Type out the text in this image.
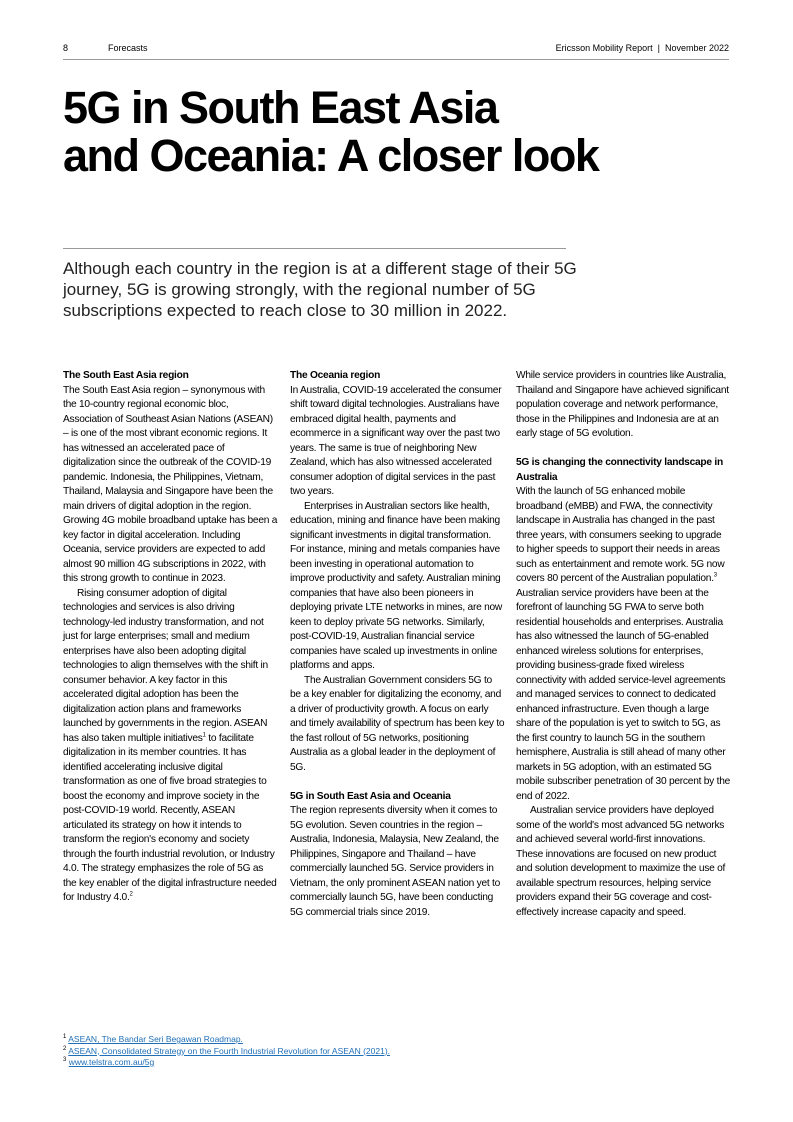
8	Forecasts	Ericsson Mobility Report  |  November 2022
5G in South East Asia
and Oceania: A closer look

Although each country in the region is at a different stage of their 5G journey, 5G is growing strongly, with the regional number of 5G subscriptions expected to reach close to 30 million in 2022.

The South East Asia region

The South East Asia region – synonymous with the 10-country regional economic bloc, Association of Southeast Asian Nations (ASEAN) – is one of the most vibrant economic regions. It has witnessed an accelerated pace of digitalization since the outbreak of the COVID-19 pandemic. Indonesia, the Philippines, Vietnam, Thailand, Malaysia and Singapore have been the main drivers of digital adoption in the region. Growing 4G mobile broadband uptake has been a key factor in digital acceleration. Including Oceania, service providers are expected to add almost 90 million 4G subscriptions in 2022, with this strong growth to continue in 2023.

Rising consumer adoption of digital technologies and services is also driving technology-led industry transformation, and not just for large enterprises; small and medium enterprises have also been adopting digital technologies to align themselves with the shift in consumer behavior. A key factor in this accelerated digital adoption has been the digitalization action plans and frameworks launched by governments in the region. ASEAN has also taken multiple initiatives$^1$ to facilitate digitalization in its member countries. It has identified accelerating inclusive digital transformation as one of five broad strategies to boost the economy and improve society in the post-COVID-19 world. Recently, ASEAN articulated its strategy on how it intends to transform the region's economy and society through the fourth industrial revolution, or Industry 4.0. The strategy emphasizes the role of 5G as the key enabler of the digital infrastructure needed for Industry 4.0.$^2$

The Oceania region

In Australia, COVID-19 accelerated the consumer shift toward digital technologies. Australians have embraced digital health, payments and ecommerce in a significant way over the past two years. The same is true of neighboring New Zealand, which has also witnessed accelerated consumer adoption of digital services in the past two years.

Enterprises in Australian sectors like health, education, mining and finance have been making significant investments in digital transformation. For instance, mining and metals companies have been investing in operational automation to improve productivity and safety. Australian mining companies that have also been pioneers in deploying private LTE networks in mines, are now keen to deploy private 5G networks. Similarly, post-COVID-19, Australian financial service companies have scaled up investments in online platforms and apps.

The Australian Government considers 5G to be a key enabler for digitalizing the economy, and a driver of productivity growth. A focus on early and timely availability of spectrum has been key to the fast rollout of 5G networks, positioning Australia as a global leader in the deployment of 5G.

5G in South East Asia and Oceania

The region represents diversity when it comes to 5G evolution. Seven countries in the region – Australia, Indonesia, Malaysia, New Zealand, the Philippines, Singapore and Thailand – have commercially launched 5G. Service providers in Vietnam, the only prominent ASEAN nation yet to commercially launch 5G, have been conducting 5G commercial trials since 2019.

While service providers in countries like Australia, Thailand and Singapore have achieved significant population coverage and network performance, those in the Philippines and Indonesia are at an early stage of 5G evolution.

5G is changing the connectivity landscape in Australia

With the launch of 5G enhanced mobile broadband (eMBB) and FWA, the connectivity landscape in Australia has changed in the past three years, with consumers seeking to upgrade to higher speeds to support their needs in areas such as entertainment and remote work. 5G now covers 80 percent of the Australian population.$^3$ Australian service providers have been at the forefront of launching 5G FWA to serve both residential households and enterprises. Australia has also witnessed the launch of 5G-enabled enhanced wireless solutions for enterprises, providing business-grade fixed wireless connectivity with added service-level agreements and managed services to connect to dedicated enhanced infrastructure. Even though a large share of the population is yet to switch to 5G, as the first country to launch 5G in the southern hemisphere, Australia is still ahead of many other markets in 5G adoption, with an estimated 5G mobile subscriber penetration of 30 percent by the end of 2022.

Australian service providers have deployed some of the world's most advanced 5G networks and achieved several world-first innovations. These innovations are focused on new product and solution development to maximize the use of available spectrum resources, helping service providers expand their 5G coverage and cost-effectively increase capacity and speed.

$^1$ ASEAN, The Bandar Seri Begawan Roadmap.
$^2$ ASEAN, Consolidated Strategy on the Fourth Industrial Revolution for ASEAN (2021).
$^3$ www.telstra.com.au/5g
